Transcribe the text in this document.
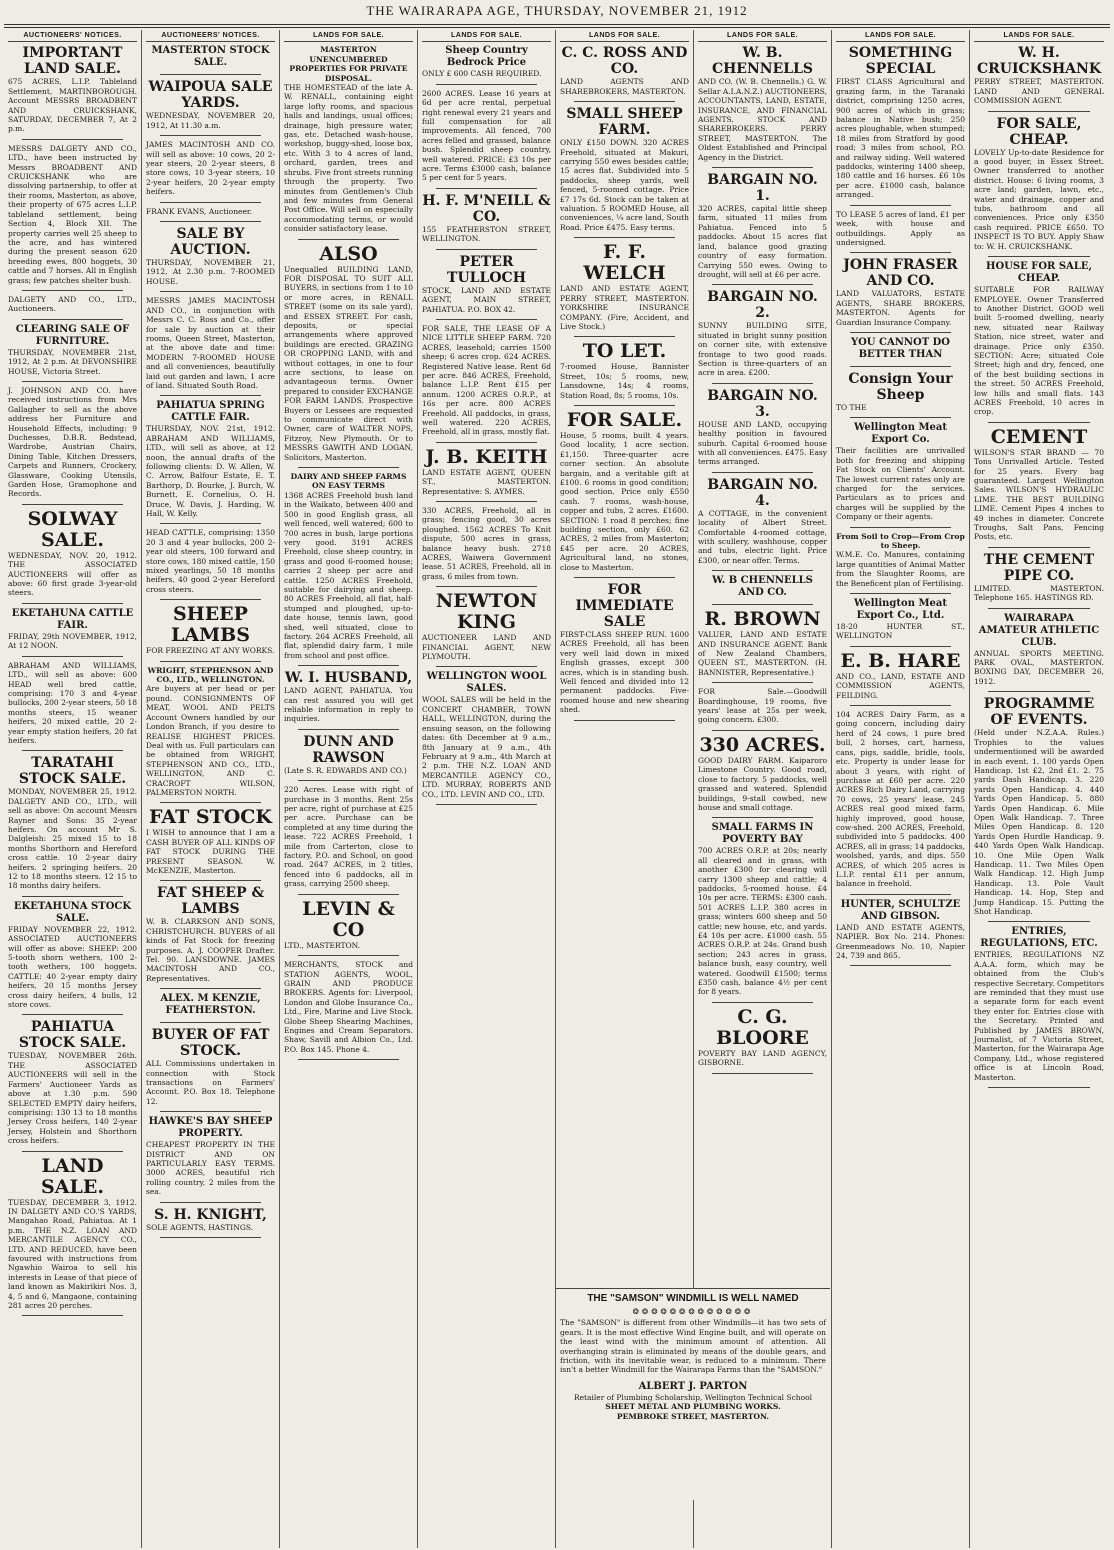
THE WAIRARAPA AGE, THURSDAY, NOVEMBER 21, 1912
AUCTIONEERS' NOTICES.
IMPORTANT LAND SALE.
675 ACRES, L.I.P. Tableland Settlement, MARTINBOROUGH. Account MESSRS BROADBENT AND CRUICKSHANK, SATURDAY, DECEMBER 7, At 2 p.m.
MESSRS DALGETY AND CO., LTD., have been instructed by Messrs BROADBENT AND CRUICKSHANK who are dissolving partnership, to offer at their rooms, Masterton, as above, their property of 675 acres L.I.P. tableland settlement, being Section 4, Block XII. The property carries well 25 sheep to the acre, and has wintered during the present season 620 breeding ewes, 800 hoggets, 30 cattle and 7 horses. All in English grass; few patches shelter bush.
DALGETY AND CO., LTD., Auctioneers.
CLEARING SALE OF FURNITURE.
THURSDAY, NOVEMBER 21st, 1912, At 2 p.m. At DEVONSHIRE HOUSE, Victoria Street.
J. JOHNSON AND CO. have received instructions from Mrs Gallagher to sell as the above address her Furniture and Household Effects, including: 9 Duchesses, D.B.R. Bedstead, Wardrobe, Austrian Chairs, Dining Table, Kitchen Dressers, Carpets and Runners, Crockery, Glassware, Cooking Utensils, Garden Hose, Gramophone and Records.
SOLWAY SALE.
WEDNESDAY, NOV. 20, 1912. THE ASSOCIATED AUCTIONEERS will offer as above: 60 first grade 3-year-old steers.
EKETAHUNA CATTLE FAIR.
FRIDAY, 29th NOVEMBER, 1912, At 12 NOON.
ABRAHAM AND WILLIAMS, LTD., will sell as above: 600 HEAD well bred cattle, comprising: 170 3 and 4-year bullocks, 200 2-year steers, 50 18 months steers, 15 weaner heifers, 20 mixed cattle, 20 2-year empty station heifers, 20 fat heifers.
TARATAHI STOCK SALE.
MONDAY, NOVEMBER 25, 1912. DALGETY AND CO., LTD., will sell as above: On account Messrs Rayner and Sons: 35 2-year heifers. On account Mr S. Dalgleish: 25 mixed 15 to 18 months Shorthorn and Hereford cross cattle. 10 2-year dairy heifers. 2 springing heifers. 20 12 to 18 months steers. 12 15 to 18 months dairy heifers.
EKETAHUNA STOCK SALE.
FRIDAY NOVEMBER 22, 1912. ASSOCIATED AUCTIONEERS will offer as above: SHEEP: 200 5-tooth shorn wethers, 100 2-tooth wethers, 100 hoggets. CATTLE: 40 2-year empty dairy heifers, 20 15 months Jersey cross dairy heifers, 4 bulls, 12 store cows.
PAHIATUA STOCK SALE.
TUESDAY, NOVEMBER 26th. THE ASSOCIATED AUCTIONEERS will sell in the Farmers' Auctioneer Yards as above at 1.30 p.m. 590 SELECTED EMPTY dairy heifers, comprising: 130 13 to 18 months Jersey Cross heifers, 140 2-year Jersey, Holstein and Shorthorn cross heifers.
LAND SALE.
TUESDAY, DECEMBER 3, 1912. IN DALGETY AND CO.'S YARDS, Mangahao Road, Pahiatua. At 1 p.m. THE N.Z. LOAN AND MERCANTILE AGENCY CO., LTD. AND REDUCED, have been favoured with instructions from Ngawhio Wairoa to sell his interests in Lease of that piece of land known as Makirikiri Nos. 3, 4, 5 and 6, Mangaone, containing 281 acres 20 perches.
AUCTIONEERS' NOTICES.
MASTERTON STOCK SALE.
WAIPOUA SALE YARDS.
WEDNESDAY, NOVEMBER 20, 1912, At 11.30 a.m.
JAMES MACINTOSH AND CO. will sell as above: 10 cows, 20 2-year steers, 20 2-year steers, 8 store cows, 10 3-year steers, 10 2-year heifers, 20 2-year empty heifers.
FRANK EVANS, Auctioneer.
SALE BY AUCTION.
THURSDAY, NOVEMBER 21, 1912, At 2.30 p.m. 7-ROOMED HOUSE.
MESSRS JAMES MACINTOSH AND CO., in conjunction with Messrs C. C. Ross and Co., offer for sale by auction at their rooms, Queen Street, Masterton, at the above date and time: MODERN 7-ROOMED HOUSE and all conveniences, beautifully laid out garden and lawn, 1 acre of land. Situated South Road.
PAHIATUA SPRING CATTLE FAIR.
THURSDAY, NOV. 21st, 1912. ABRAHAM AND WILLIAMS, LTD., will sell as above, at 12 noon, the annual drafts of the following clients: D. W. Allen, W. C. Arrow, Balfour Estate, E. T. Barthorp, D. Bourke, J. Burch, W. Burnett, E. Cornelius, O. H. Druce, W. Davis, J. Harding, W. Hall, W. Kelly.
HEAD CATTLE, comprising: 1350 20 3 and 4 year bullocks, 200 2-year old steers, 100 forward and store cows, 180 mixed cattle, 150 mixed yearlings, 50 18 months heifers, 40 good 2-year Hereford cross steers.
SHEEP LAMBS
FOR FREEZING AT ANY WORKS.
WRIGHT, STEPHENSON AND CO., LTD., WELLINGTON.
Are buyers at per head or per pound. CONSIGNMENTS OF MEAT, WOOL AND PELTS Account Owners handled by our London Branch, if you desire to REALISE HIGHEST PRICES. Deal with us. Full particulars can be obtained from WRIGHT, STEPHENSON AND CO., LTD., WELLINGTON, AND C. CRACROFT WILSON, PALMERSTON NORTH.
FAT STOCK
I WISH to announce that I am a CASH BUYER OF ALL KINDS OF FAT STOCK DURING THE PRESENT SEASON. W. McKENZIE, Masterton.
FAT SHEEP & LAMBS
W. B. CLARKSON AND SONS, CHRISTCHURCH. BUYERS of all kinds of Fat Stock for freezing purposes. A. J. COOPER Drafter. Tel. 90. LANSDOWNE. JAMES MACINTOSH AND CO., Representatives.
ALEX. M KENZIE, FEATHERSTON.
BUYER OF FAT STOCK.
ALL Commissions undertaken in connection with Stock transactions on Farmers' Account. P.O. Box 18. Telephone 12.
HAWKE'S BAY SHEEP PROPERTY.
CHEAPEST PROPERTY IN THE DISTRICT AND ON PARTICULARLY EASY TERMS. 3000 ACRES, beautiful rich rolling country, 2 miles from the sea.
S. H. KNIGHT,
SOLE AGENTS, HASTINGS.
LANDS FOR SALE.
MASTERTON UNENCUMBERED PROPERTIES FOR PRIVATE DISPOSAL.
THE HOMESTEAD of the late A. W. RENALL, containing eight large lofty rooms, and spacious halls and landings, usual offices; drainage, high pressure water, gas, etc. Detached wash-house, workshop, buggy-shed, loose box, etc. With 3 to 4 acres of land, orchard, garden, trees and shrubs. Five front streets running through the property. Two minutes from Gentlemen's Club and few minutes from General Post Office. Will sell on especially accommodating terms, or would consider satisfactory lease.
ALSO
Unequalled BUILDING LAND, FOR DISPOSAL TO SUIT ALL BUYERS, in sections from 1 to 10 or more acres, in RENALL STREET (some on its sale yard), and ESSEX STREET. For cash, deposits, or special arrangements where approved buildings are erected. GRAZING OR CROPPING LAND, with and without cottages, in one to four acre sections, to lease on advantageous terms. Owner prepared to consider EXCHANGE FOR FARM LANDS. Prospective Buyers or Lessees are requested to communicate direct with Owner, care of WALTER NOPS, Fitzroy, New Plymouth. Or to MESSRS GAWITH AND LOGAN, Solicitors, Masterton.
DAIRY AND SHEEP FARMS ON EASY TERMS
1368 ACRES Freehold bush land in the Waikato, between 400 and 500 in good English grass, all well fenced, well watered; 600 to 700 acres in bush, large portions very good. 3191 ACRES Freehold, close sheep country, in grass and good 6-roomed house; carries 2 sheep per acre and cattle. 1250 ACRES Freehold, suitable for dairying and sheep. 80 ACRES Freehold, all flat, half-stumped and ploughed, up-to-date house, tennis lawn, good shed, well situated, close to factory. 264 ACRES Freehold, all flat, splendid dairy farm, 1 mile from school and post office.
W. I. HUSBAND,
LAND AGENT, PAHIATUA. You can rest assured you will get reliable information in reply to inquiries.
DUNN AND RAWSON
(Late S. R. EDWARDS AND CO.)
220 Acres. Lease with right of purchase in 3 months. Rent 25s per acre, right of purchase at £25 per acre. Purchase can be completed at any time during the lease. 722 ACRES Freehold, 1 mile from Carterton, close to factory, P.O. and School, on good road. 2647 ACRES, in 2 titles, fenced into 6 paddocks, all in grass, carrying 2500 sheep.
LEVIN & CO
LTD., MASTERTON.
MERCHANTS, STOCK and STATION AGENTS, WOOL, GRAIN AND PRODUCE BROKERS. Agents for: Liverpool, London and Globe Insurance Co., Ltd., Fire, Marine and Live Stock. Globe Sheep Shearing Machines, Engines and Cream Separators. Shaw, Savill and Albion Co., Ltd. P.O. Box 145. Phone 4.
LANDS FOR SALE.
Sheep Country Bedrock Price
ONLY £ 600 CASH REQUIRED.
2600 ACRES. Lease 16 years at 6d per acre rental, perpetual right renewal every 21 years and full compensation for all improvements. All fenced, 700 acres felled and grassed, balance bush. Splendid sheep country, well watered. PRICE: £3 10s per acre. Terms £3000 cash, balance 5 per cent for 5 years.
H. F. M'NEILL & CO.
155 FEATHERSTON STREET, WELLINGTON.
PETER TULLOCH
STOCK, LAND AND ESTATE AGENT, MAIN STREET, PAHIATUA. P.O. BOX 42.
FOR SALE, THE LEASE OF A NICE LITTLE SHEEP FARM. 720 ACRES, leasehold; carries 1500 sheep; 6 acres crop. 624 ACRES. Registered Native lease. Rent 6d per acre. 846 ACRES, Freehold, balance L.I.P. Rent £15 per annum. 1200 ACRES O.R.P., at 16s per acre. 800 ACRES Freehold. All paddocks, in grass, well watered. 220 ACRES, Freehold, all in grass, mostly flat.
J. B. KEITH
LAND ESTATE AGENT, QUEEN ST., MASTERTON. Representative: S. AYMES.
330 ACRES, Freehold, all in grass; fencing good, 30 acres ploughed. 1562 ACRES To Knit dispute, 500 acres in grass, balance heavy bush. 2718 ACRES, Waiwera Government lease. 51 ACRES, Freehold, all in grass, 6 miles from town.
NEWTON KING
AUCTIONEER LAND AND FINANCIAL AGENT, NEW PLYMOUTH.
WELLINGTON WOOL SALES.
WOOL SALES will be held in the CONCERT CHAMBER, TOWN HALL, WELLINGTON, during the ensuing season, on the following dates: 6th December at 9 a.m., 8th January at 9 a.m., 4th February at 9 a.m., 4th March at 2 p.m. THE N.Z. LOAN AND MERCANTILE AGENCY CO., LTD. MURRAY, ROBERTS AND CO., LTD. LEVIN AND CO., LTD.
LANDS FOR SALE.
C. C. ROSS AND CO.
LAND AGENTS AND SHAREBROKERS, MASTERTON.
SMALL SHEEP FARM.
ONLY £150 DOWN. 320 ACRES Freehold, situated at Makuri, carrying 550 ewes besides cattle; 15 acres flat. Subdivided into 5 paddocks, sheep yards, well fenced, 5-roomed cottage. Price £7 17s 6d. Stock can be taken at valuation. 5 ROOMED House, all conveniences, ¼ acre land, South Road. Price £475. Easy terms.
F. F. WELCH
LAND AND ESTATE AGENT, PERRY STREET, MASTERTON. YORKSHIRE INSURANCE COMPANY. (Fire, Accident, and Live Stock.)
TO LET.
7-roomed House, Bannister Street, 10s; 5 rooms, new, Lansdowne, 14s; 4 rooms, Station Road, 8s; 5 rooms, 10s.
FOR SALE.
House, 5 rooms, built 4 years. Good locality, 1 acre section. £1,150. Three-quarter acre corner section. An absolute bargain, and a veritable gift at £100. 6 rooms in good condition; good section. Price only £550 cash. 7 rooms, wash-house, copper and tubs, 2 acres. £1600. SECTION: 1 road 8 perches; fine building section, only £60. 62 ACRES, 2 miles from Masterton; £45 per acre. 20 ACRES, Agricultural land, no stones, close to Masterton.
FOR IMMEDIATE SALE
FIRST-CLASS SHEEP RUN. 1600 ACRES Freehold, all has been very well laid down in mixed English grasses, except 300 acres, which is in standing bush. Well fenced and divided into 12 permanent paddocks. Five-roomed house and new shearing shed.
LANDS FOR SALE.
W. B. CHENNELLS
AND CO. (W. B. Chennells.) G. W. Sellar A.I.A.N.Z.) AUCTIONEERS, ACCOUNTANTS, LAND, ESTATE, INSURANCE, AND FINANCIAL AGENTS. STOCK AND SHAREBROKERS. PERRY STREET, MASTERTON. The Oldest Established and Principal Agency in the District.
BARGAIN NO. 1.
320 ACRES, capital little sheep farm, situated 11 miles from Pahiatua. Fenced into 5 paddocks. About 15 acres flat land, balance good grazing country of easy formation. Carrying 550 ewes. Owing to drought, will sell at £6 per acre.
BARGAIN NO. 2.
SUNNY BUILDING SITE, situated in bright sunny position on corner site, with extensive frontage to two good roads. Section is three-quarters of an acre in area. £200.
BARGAIN NO. 3.
HOUSE AND LAND, occupying healthy position in favoured suburb. Capital 6-roomed house with all conveniences. £475. Easy terms arranged.
BARGAIN NO. 4.
A COTTAGE, in the convenient locality of Albert Street. Comfortable 4-roomed cottage, with scullery, washhouse, copper and tubs, electric light. Price £300, or near offer. Terms.
W. B CHENNELLS AND CO.
R. BROWN
VALUER, LAND AND ESTATE AND INSURANCE AGENT. Bank of New Zealand Chambers, QUEEN ST., MASTERTON. (H. BANNISTER, Representative.)
FOR Sale.—Goodwill Boardinghouse, 19 rooms, five years' lease at 25s per week, going concern. £300.
330 ACRES.
GOOD DAIRY FARM. Kaiparoro Limestone Country. Good road, close to factory. 5 paddocks, well grassed and watered. Splendid buildings, 9-stall cowbed, new house and small cottage.
SMALL FARMS IN POVERTY BAY
700 ACRES O.R.P. at 20s; nearly all cleared and in grass, with another £300 for clearing will carry 1300 sheep and cattle; 4 paddocks, 5-roomed house. £4 10s per acre. TERMS: £300 cash. 501 ACRES L.I.P. 380 acres in grass; winters 600 sheep and 50 cattle; new house, etc, and yards. £4 10s per acre. £1000 cash. 55 ACRES O.R.P. at 24s. Grand bush section; 243 acres in grass, balance bush, easy country, well watered. Goodwill £1500; terms £350 cash, balance 4½ per cent for 8 years.
C. G. BLOORE
POVERTY BAY LAND AGENCY, GISBORNE.
LANDS FOR SALE.
SOMETHING SPECIAL
FIRST CLASS Agricultural and grazing farm, in the Taranaki district, comprising 1250 acres, 900 acres of which in grass; balance in Native bush; 250 acres ploughable, when stumped; 18 miles from Stratford by good road; 3 miles from school, P.O. and railway siding. Well watered paddocks, wintering 1400 sheep, 180 cattle and 16 horses. £6 10s per acre. £1000 cash, balance arranged.
TO LEASE 5 acres of land, £1 per week, with house and outbuildings. Apply as undersigned.
JOHN FRASER AND CO.
LAND VALUATORS, ESTATE AGENTS, SHARE BROKERS, MASTERTON. Agents for Guardian Insurance Company.
YOU CANNOT DO BETTER THAN
Consign Your Sheep
TO THE
Wellington Meat Export Co.
Their facilities are unrivalled both for freezing and shipping Fat Stock on Clients' Account. The lowest current rates only are charged for the services. Particulars as to prices and charges will be supplied by the Company or their agents.
From Soil to Crop—From Crop to Sheep.
W.M.E. Co. Manures, containing large quantities of Animal Matter from the Slaughter Rooms, are the Beneficent plan of Fertilising.
Wellington Meat Export Co., Ltd.
18-20 HUNTER ST., WELLINGTON
E. B. HARE
AND CO., LAND, ESTATE AND COMMISSION AGENTS, FEILDING.
104 ACRES Dairy Farm, as a going concern, including dairy herd of 24 cows, 1 pure bred bull, 2 horses, cart, harness, cans, pigs, saddle, bridle, tools, etc. Property is under lease for about 3 years, with right of purchase at £60 per acre. 220 ACRES Rich Dairy Land, carrying 70 cows, 25 years' lease. 245 ACRES real good mixed farm, highly improved, good house, cow-shed. 200 ACRES, Freehold, subdivided into 5 paddocks. 400 ACRES, all in grass; 14 paddocks, woolshed, yards, and dips. 550 ACRES, of which 205 acres is L.I.P. rental £11 per annum, balance in freehold.
HUNTER, SCHULTZE AND GIBSON.
LAND AND ESTATE AGENTS, NAPIER. Box No. 214. Phones: Greenmeadows No. 10, Napier 24, 739 and 865.
LANDS FOR SALE.
W. H. CRUICKSHANK
PERRY STREET, MASTERTON. LAND AND GENERAL COMMISSION AGENT.
FOR SALE, CHEAP.
LOVELY Up-to-date Residence for a good buyer, in Essex Street. Owner transferred to another district. House: 6 living rooms, 3 acre land; garden, lawn, etc., water and drainage, copper and tubs, bathroom and all conveniences. Price only £350 cash required. PRICE £650. TO INSPECT IS TO BUY. Apply Shaw to: W. H. CRUICKSHANK.
HOUSE FOR SALE, CHEAP.
SUITABLE FOR RAILWAY EMPLOYEE. Owner Transferred to Another District. GOOD well built 5-roomed dwelling, nearly new, situated near Railway Station, nice street, water and drainage. Price only £350. SECTION: Acre; situated Cole Street; high and dry, fenced, one of the best building sections in the street. 50 ACRES Freehold, low hills and small flats. 143 ACRES Freehold, 10 acres in crop.
CEMENT
WILSON'S STAR BRAND — 70 Tons Unrivalled Article. Tested for 25 years. Every bag guaranteed. Largest Wellington Sales. WILSON'S HYDRAULIC LIME. THE BEST BUILDING LIME. Cement Pipes 4 inches to 49 inches in diameter. Concrete Troughs, Salt Pans, Fencing Posts, etc.
THE CEMENT PIPE CO.
LIMITED. MASTERTON. Telephone 165. HASTINGS RD.
WAIRARAPA AMATEUR ATHLETIC CLUB.
ANNUAL SPORTS MEETING. PARK OVAL, MASTERTON. BOXING DAY, DECEMBER 26, 1912.
PROGRAMME OF EVENTS.
(Held under N.Z.A.A. Rules.) Trophies to the values undermentioned will be awarded in each event. 1. 100 yards Open Handicap. 1st £2, 2nd £1. 2. 75 yards Dash Handicap. 3. 220 yards Open Handicap. 4. 440 Yards Open Handicap. 5. 880 Yards Open Handicap. 6. Mile Open Walk Handicap. 7. Three Miles Open Handicap. 8. 120 Yards Open Hurdle Handicap. 9. 440 Yards Open Walk Handicap. 10. One Mile Open Walk Handicap. 11. Two Miles Open Walk Handicap. 12. High Jump Handicap. 13. Pole Vault Handicap. 14. Hop, Step and Jump Handicap. 15. Putting the Shot Handicap.
ENTRIES, REGULATIONS, ETC.
ENTRIES, REGULATIONS NZ A.A.A. form, which may be obtained from the Club's respective Secretary. Competitors are reminded that they must use a separate form for each event they enter for. Entries close with the Secretary. Printed and Published by JAMES BROWN, Journalist, of 7 Victoria Street, Masterton, for the Wairarapa Age Company, Ltd., whose registered office is at Lincoln Road, Masterton.
THE "SAMSON" WINDMILL IS WELL NAMED
❂❂❂❂❂❂❂❂❂❂❂❂❂
The "SAMSON" is different from other Windmills—it has two sets of gears. It is the most effective Wind Engine built, and will operate on the least wind with the minimum amount of attention. All overhanging strain is eliminated by means of the double gears, and friction, with its inevitable wear, is reduced to a minimum. There isn't a better Windmill for the Wairarapa Farms than the "SAMSON."
ALBERT J. PARTON
Retailer of Plumbing Scholarship, Wellington Technical School
SHEET METAL AND PLUMBING WORKS.
PEMBROKE STREET, MASTERTON.
